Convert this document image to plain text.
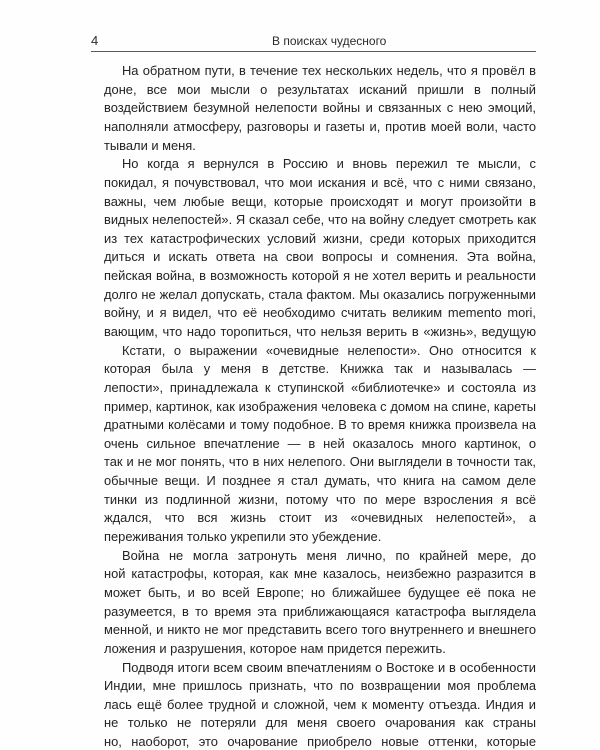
4	В поисках чудесного
На обратном пути, в течение тех нескольких недель, что я провёл в
доне, все мои мысли о результатах исканий пришли в полный
воздействием безумной нелепости войны и связанных с нею эмоций,
наполняли атмосферу, разговоры и газеты и, против моей воли, часто
тывали и меня.
Но когда я вернулся в Россию и вновь пережил те мысли, с
покидал, я почувствовал, что мои искания и всё, что с ними связано,
важны, чем любые вещи, которые происходят и могут произойти в
видных нелепостей». Я сказал себе, что на войну следует смотреть как
из тех катастрофических условий жизни, среди которых приходится
диться и искать ответа на свои вопросы и сомнения. Эта войнa,
пейская война, в возможность которой я не хотел верить и реальности
долго не желал допускать, стала фактом. Мы оказались погруженными
войну, и я видел, что её необходимо считать великим memento mori,
вающим, что надо торопиться, что нельзя верить в «жизнь», ведущую
Кстати, о выражении «очевидные нелепости». Оно относится к
которая была у меня в детстве. Книжка так и называлась —
лепости», принадлежала к ступинской «библиотечке» и состояла из
пример, картинок, как изображения человека с домом на спине, кареты
дратными колёсами и тому подобное. В то время книжка произвела на
очень сильное впечатление — в ней оказалось много картинок, о
так и не мог понять, что в них нелепого. Они выглядели в точности так,
обычные вещи. И позднее я стал думать, что книга на самом деле
тинки из подлинной жизни, потому что по мере взросления я всё
ждался, что вся жизнь стоит из «очевидных нелепостей», а
переживания только укрепили это убеждение.
Война не могла затронуть меня лично, по крайней мере, до
ной катастрофы, которая, как мне казалось, неизбежно разразится в
может быть, и во всей Европе; но ближайшее будущее её пока не
разумеется, в то время эта приближающаяся катастрофа выглядела
менной, и никто не мог представить всего того внутреннего и внешнего
ложения и разрушения, которое нам придется пережить.
Подводя итоги всем своим впечатлениям о Востоке и в особенности
Индии, мне пришлось признать, что по возвращении моя проблема
лась ещё более трудной и сложной, чем к моменту отъезда. Индия и
не только не потеряли для меня своего очарования как страны
но, наоборот, это очарование приобрело новые оттенки, которые
